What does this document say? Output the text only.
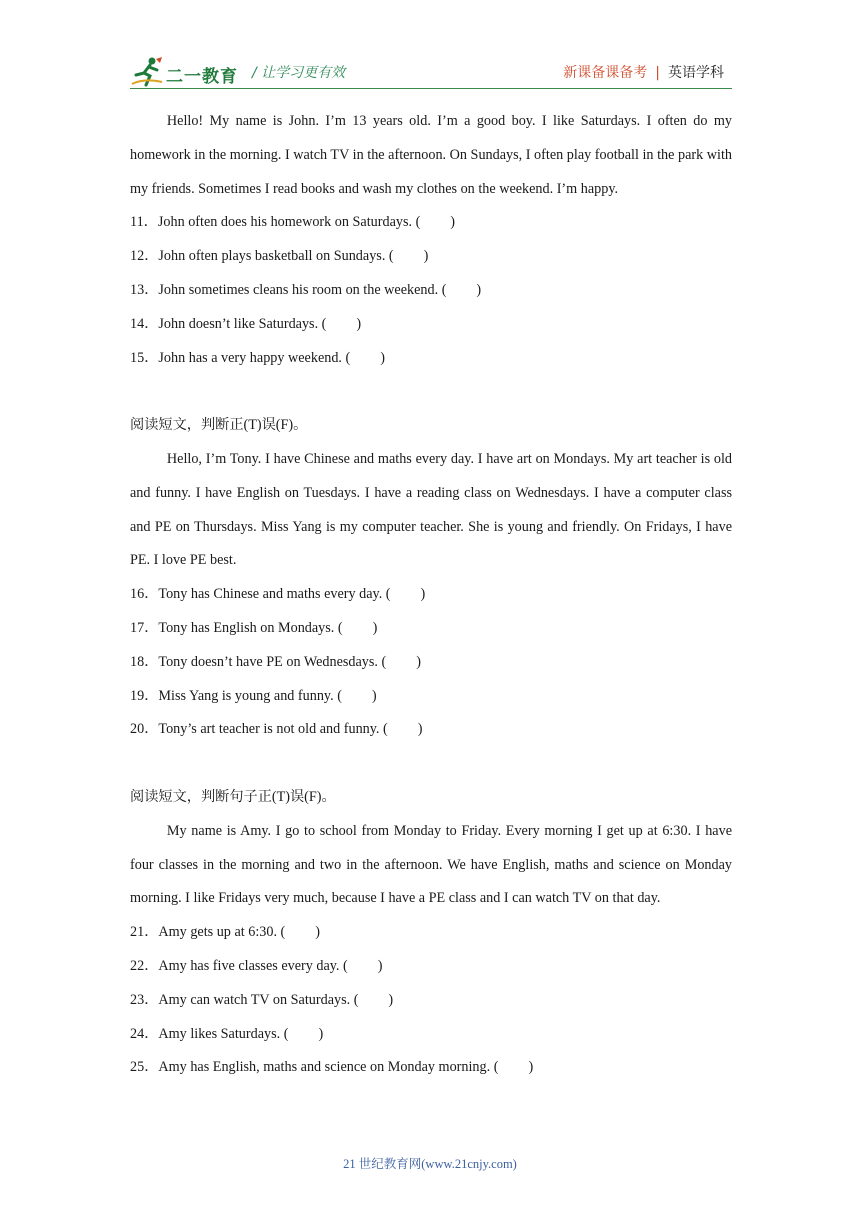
二一教育 / 让学习更有效	新课备课备考 | 英语学科
Hello! My name is John. I’m 13 years old. I’m a good boy. I like Saturdays. I often do my homework in the morning. I watch TV in the afternoon. On Sundays, I often play football in the park with my friends. Sometimes I read books and wash my clothes on the weekend. I’m happy.
11．John often does his homework on Saturdays. ( )
12．John often plays basketball on Sundays. ( )
13．John sometimes cleans his room on the weekend. ( )
14．John doesn’t like Saturdays. ( )
15．John has a very happy weekend. ( )
阅读短文，判断正(T)误(F)。
Hello, I’m Tony. I have Chinese and maths every day. I have art on Mondays. My art teacher is old and funny. I have English on Tuesdays. I have a reading class on Wednesdays. I have a computer class and PE on Thursdays. Miss Yang is my computer teacher. She is young and friendly. On Fridays, I have PE. I love PE best.
16．Tony has Chinese and maths every day. ( )
17．Tony has English on Mondays. ( )
18．Tony doesn’t have PE on Wednesdays. ( )
19．Miss Yang is young and funny. ( )
20．Tony’s art teacher is not old and funny. ( )
阅读短文，判断句子正(T)误(F)。
My name is Amy. I go to school from Monday to Friday. Every morning I get up at 6:30. I have four classes in the morning and two in the afternoon. We have English, maths and science on Monday morning. I like Fridays very much, because I have a PE class and I can watch TV on that day.
21．Amy gets up at 6:30. ( )
22．Amy has five classes every day. ( )
23．Amy can watch TV on Saturdays. ( )
24．Amy likes Saturdays. ( )
25．Amy has English, maths and science on Monday morning. ( )
21 世纪教育网(www.21cnjy.com)
